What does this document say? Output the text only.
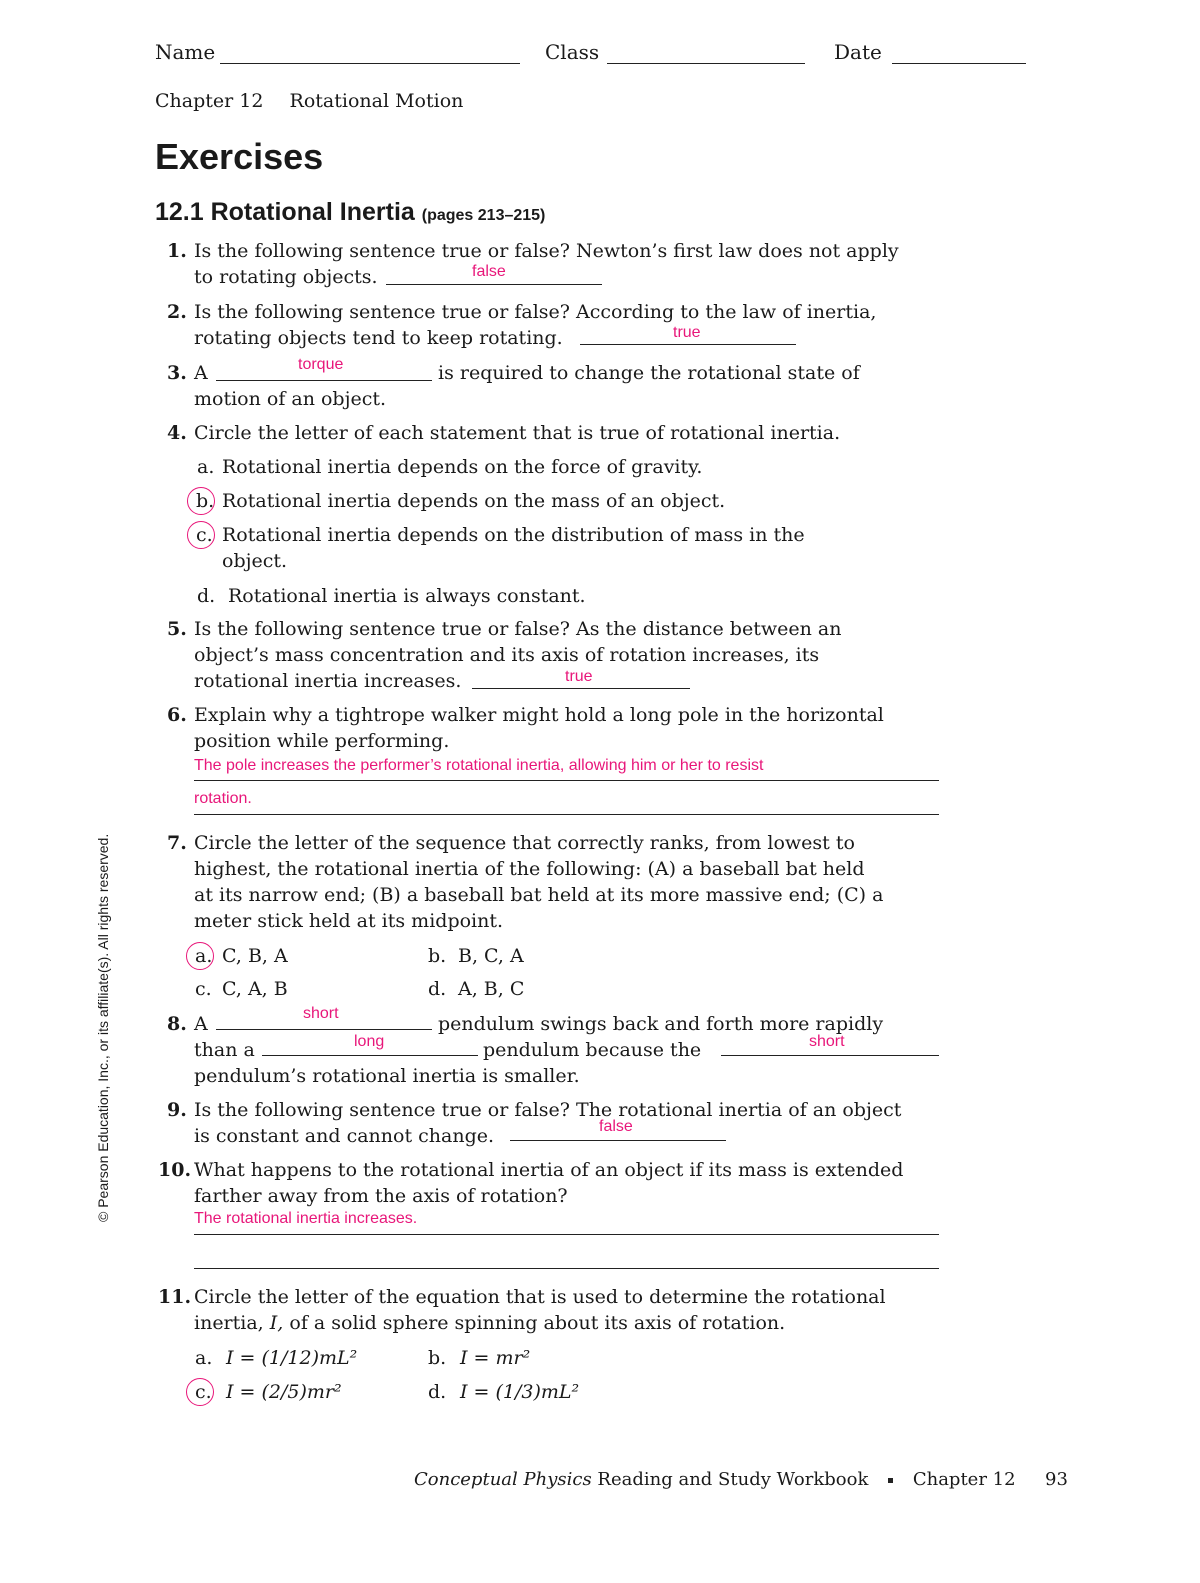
Name	Class	Date
Chapter 12 Rotational Motion
Exercises
12.1 Rotational Inertia (pages 213–215)
1. Is the following sentence true or false? Newton’s first law does not apply
to rotating objects.	false
2. Is the following sentence true or false? According to the law of inertia,
rotating objects tend to keep rotating.	true
3. A	torque	is required to change the rotational state of
motion of an object.
4. Circle the letter of each statement that is true of rotational inertia.
a. Rotational inertia depends on the force of gravity.
b. Rotational inertia depends on the mass of an object.
c. Rotational inertia depends on the distribution of mass in the
object.
d. Rotational inertia is always constant.
5. Is the following sentence true or false? As the distance between an
object’s mass concentration and its axis of rotation increases, its
rotational inertia increases.	true
6. Explain why a tightrope walker might hold a long pole in the horizontal
position while performing.
The pole increases the performer’s rotational inertia, allowing him or her to resist
rotation.
7. Circle the letter of the sequence that correctly ranks, from lowest to
highest, the rotational inertia of the following: (A) a baseball bat held
at its narrow end; (B) a baseball bat held at its more massive end; (C) a
meter stick held at its midpoint.
a. C, B, A	b. B, C, A
c. C, A, B	d. A, B, C
8. A	short	pendulum swings back and forth more rapidly
than a	long	pendulum because the	short
pendulum’s rotational inertia is smaller.
9. Is the following sentence true or false? The rotational inertia of an object
is constant and cannot change.	false
10. What happens to the rotational inertia of an object if its mass is extended
farther away from the axis of rotation?
The rotational inertia increases.
11. Circle the letter of the equation that is used to determine the rotational
inertia, I, of a solid sphere spinning about its axis of rotation.
a. I = (1/12)mL²	b. I = mr²
c. I = (2/5)mr²	d. I = (1/3)mL²
© Pearson Education, Inc., or its affiliate(s). All rights reserved.
Conceptual Physics Reading and Study Workbook Chapter 12 93
